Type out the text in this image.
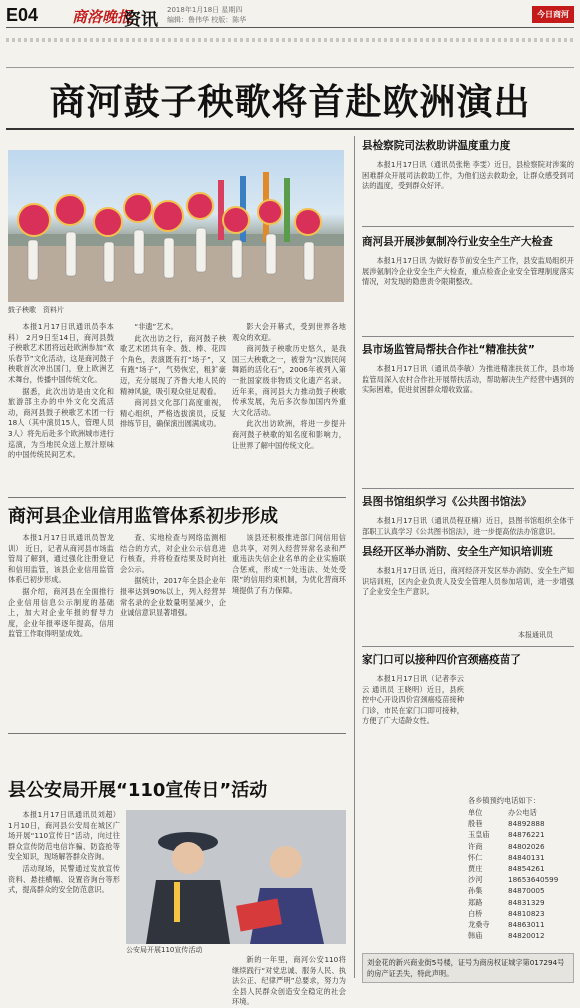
E04 商洛晚报
资讯 2018年1月18日 星期四
编辑：鲁伟华 校版：陈华
今日商河
商河鼓子秧歌将首赴欧洲演出
鼓子秧歌　资料片

本报1月17日讯通讯员李本科） 2月9日至14日，商河县鼓子秧歌艺术团将远赴欧洲参加“欢乐春节”文化活动，这是商河鼓子秧歌首次冲出国门，登上欧洲艺术舞台，传播中国传统文化。

据悉，此次出访是由文化和旅游部主办的中外文化交流活动，商河县鼓子秧歌艺术团一行18人（其中演员15人，管理人员3人）将先后赴多个欧洲城市进行巡演，为当地民众送上原汁原味的中国传统民间艺术。

“非遗”艺术。

此次出访之行，商河鼓子秧歌艺术团共有伞、鼓、棒、花四个角色，表演既有打“场子”，又有跑“场子”，气势恢宏，粗犷豪迈，充分展现了齐鲁大地人民的精神风貌，吸引观众驻足观看。

商河县文化部门高度重视，精心组织，严格选拔演员，反复排练节目，确保演出圆满成功。

影大会开幕式，受到世界各地观众的欢迎。

商河鼓子秧歌历史悠久，是我国三大秧歌之一，被誉为“汉族民间舞蹈的活化石”，2006年被列入第一批国家级非物质文化遗产名录。近年来，商河县大力推动鼓子秧歌传承发展，先后多次参加国内外重大文化活动。

此次出访欧洲，将进一步提升商河鼓子秧歌的知名度和影响力，让世界了解中国传统文化。

商河县企业信用监管体系初步形成

本报1月17日讯通讯员智龙训） 近日，记者从商河县市场监管局了解到，通过强化注册登记和信用监管，该县企业信用监管体系已初步形成。

据介绍，商河县在全面推行企业信用信息公示制度的基础上，加大对企业年报的督导力度，企业年报率逐年提高，信用监管工作取得明显成效。

查、实地检查与网络监测相结合的方式，对企业公示信息进行核查，并将检查结果及时向社会公示。

据统计，2017年全县企业年报率达到90%以上，列入经营异常名录的企业数量明显减少，企业诚信意识显著增强。

该县还积极推进部门间信用信息共享，对列入经营异常名录和严重违法失信企业名单的企业实施联合惩戒，形成“一处违法、处处受限”的信用约束机制，为优化营商环境提供了有力保障。

县公安局开展“110宣传日”活动

本报1月17日讯通讯员刘超） 1月10日，商河县公安局在城区广场开展“110宣传日”活动，向过往群众宣传防范电信诈骗、防盗抢等安全知识，现场解答群众咨询。

活动现场，民警通过发放宣传资料、悬挂横幅、设置咨询台等形式，提高群众的安全防范意识。

公安局开展110宣传活动

新的一年里，商河公安110将继续践行“对党忠诚、服务人民、执法公正、纪律严明”总要求，努力为全县人民群众创造安全稳定的社会环境。

县检察院司法救助讲温度重力度

本报1月17日讯（通讯员张艳 李雯）近日，县检察院对涉案的困难群众开展司法救助工作，为他们送去救助金，让群众感受到司法的温度，受到群众好评。

商河县开展涉氨制冷行业安全生产大检查

本报1月17日讯 为做好春节前安全生产工作，县安监局组织开展涉氨制冷企业安全生产大检查，重点检查企业安全管理制度落实情况，对发现的隐患责令限期整改。

县市场监管局帮扶合作社“精准扶贫”

本报1月17日讯（通讯员李敏）为推进精准扶贫工作，县市场监管局深入农村合作社开展帮扶活动，帮助解决生产经营中遇到的实际困难，促进贫困群众增收致富。

县图书馆组织学习《公共图书馆法》

本报1月17日讯（通讯员程亚楠）近日，县图书馆组织全体干部职工认真学习《公共图书馆法》，进一步提高依法办馆意识。

县经开区举办消防、安全生产知识培训班

本报1月17日讯 近日，商河经济开发区举办消防、安全生产知识培训班，区内企业负责人及安全管理人员参加培训，进一步增强了企业安全生产意识。

本报通讯员
家门口可以接种四价宫颈癌疫苗了

本报1月17日讯（记者李云云 通讯员 王晓明）近日，县疾控中心开设四价宫颈癌疫苗接种门诊，市民在家门口即可接种，方便了广大适龄女性。

各乡镇预约电话如下：
单位	办公电话
殷巷	84892888
玉皇庙	84876221
许商	84802026
怀仁	84840131
贾庄	84854261
沙河	18653640599
孙集	84870005
郑路	84831329
白桥	84810823
龙桑寺	84863011
韩庙	84820012
刘金花的新兴商业街5号楼，证号为商房权证城字第017294号的房产证丢失，特此声明。
